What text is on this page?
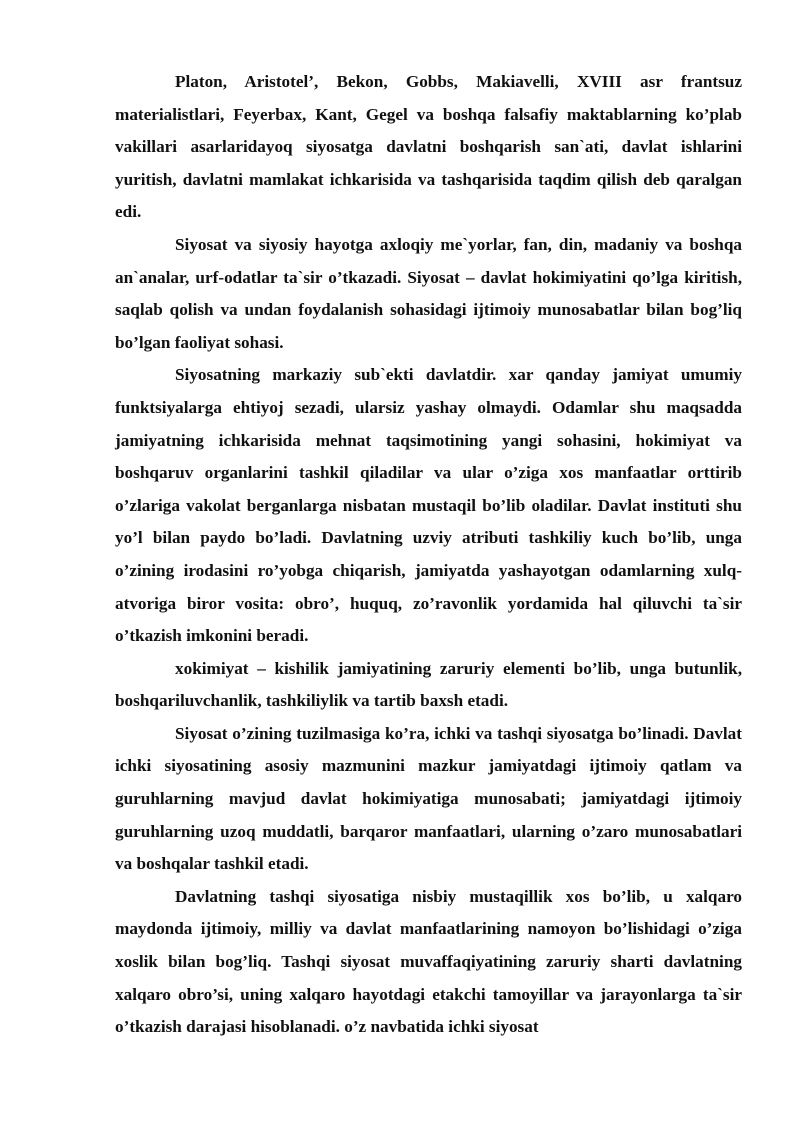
Platon, Aristotel’, Bekon, Gobbs, Makiavelli, XVIII asr frantsuz materialistlari, Feyerbax, Kant, Gegel va boshqa falsafiy maktablarning ko’plab vakillari asarlaridayoq siyosatga davlatni boshqarish san`ati, davlat ishlarini yuritish, davlatni mamlakat ichkarisida va tashqarisida taqdim qilish deb qaralgan edi.

Siyosat va siyosiy hayotga axloqiy me`yorlar, fan, din, madaniy va boshqa an`analar, urf-odatlar ta`sir o’tkazadi. Siyosat – davlat hokimiyatini qo’lga kiritish, saqlab qolish va undan foydalanish sohasidagi ijtimoiy munosabatlar bilan bog’liq bo’lgan faoliyat sohasi.

Siyosatning markaziy sub`ekti davlatdir. xar qanday jamiyat umumiy funktsiyalarga ehtiyoj sezadi, ularsiz yashay olmaydi. Odamlar shu maqsadda jamiyatning ichkarisida mehnat taqsimotining yangi sohasini, hokimiyat va boshqaruv organlarini tashkil qiladilar va ular o’ziga xos manfaatlar orttirib o’zlariga vakolat berganlarga nisbatan mustaqil bo’lib oladilar. Davlat instituti shu yo’l bilan paydo bo’ladi. Davlatning uzviy atributi tashkiliy kuch bo’lib, unga o’zining irodasini ro’yobga chiqarish, jamiyatda yashayotgan odamlarning xulq-atvoriga biror vosita: obro’, huquq, zo’ravonlik yordamida hal qiluvchi ta`sir o’tkazish imkonini beradi.

xokimiyat – kishilik jamiyatining zaruriy elementi bo’lib, unga butunlik, boshqariluvchanlik, tashkiliylik va tartib baxsh etadi.

Siyosat o’zining tuzilmasiga ko’ra, ichki va tashqi siyosatga bo’linadi. Davlat ichki siyosatining asosiy mazmunini mazkur jamiyatdagi ijtimoiy qatlam va guruhlarning mavjud davlat hokimiyatiga munosabati; jamiyatdagi ijtimoiy guruhlarning uzoq muddatli, barqaror manfaatlari, ularning o’zaro munosabatlari va boshqalar tashkil etadi.

Davlatning tashqi siyosatiga nisbiy mustaqillik xos bo’lib, u xalqaro maydonda ijtimoiy, milliy va davlat manfaatlarining namoyon bo’lishidagi o’ziga xoslik bilan bog’liq. Tashqi siyosat muvaffaqiyatining zaruriy sharti davlatning xalqaro obro’si, uning xalqaro hayotdagi etakchi tamoyillar va jarayonlarga ta`sir o’tkazish darajasi hisoblanadi. o’z navbatida ichki siyosat
